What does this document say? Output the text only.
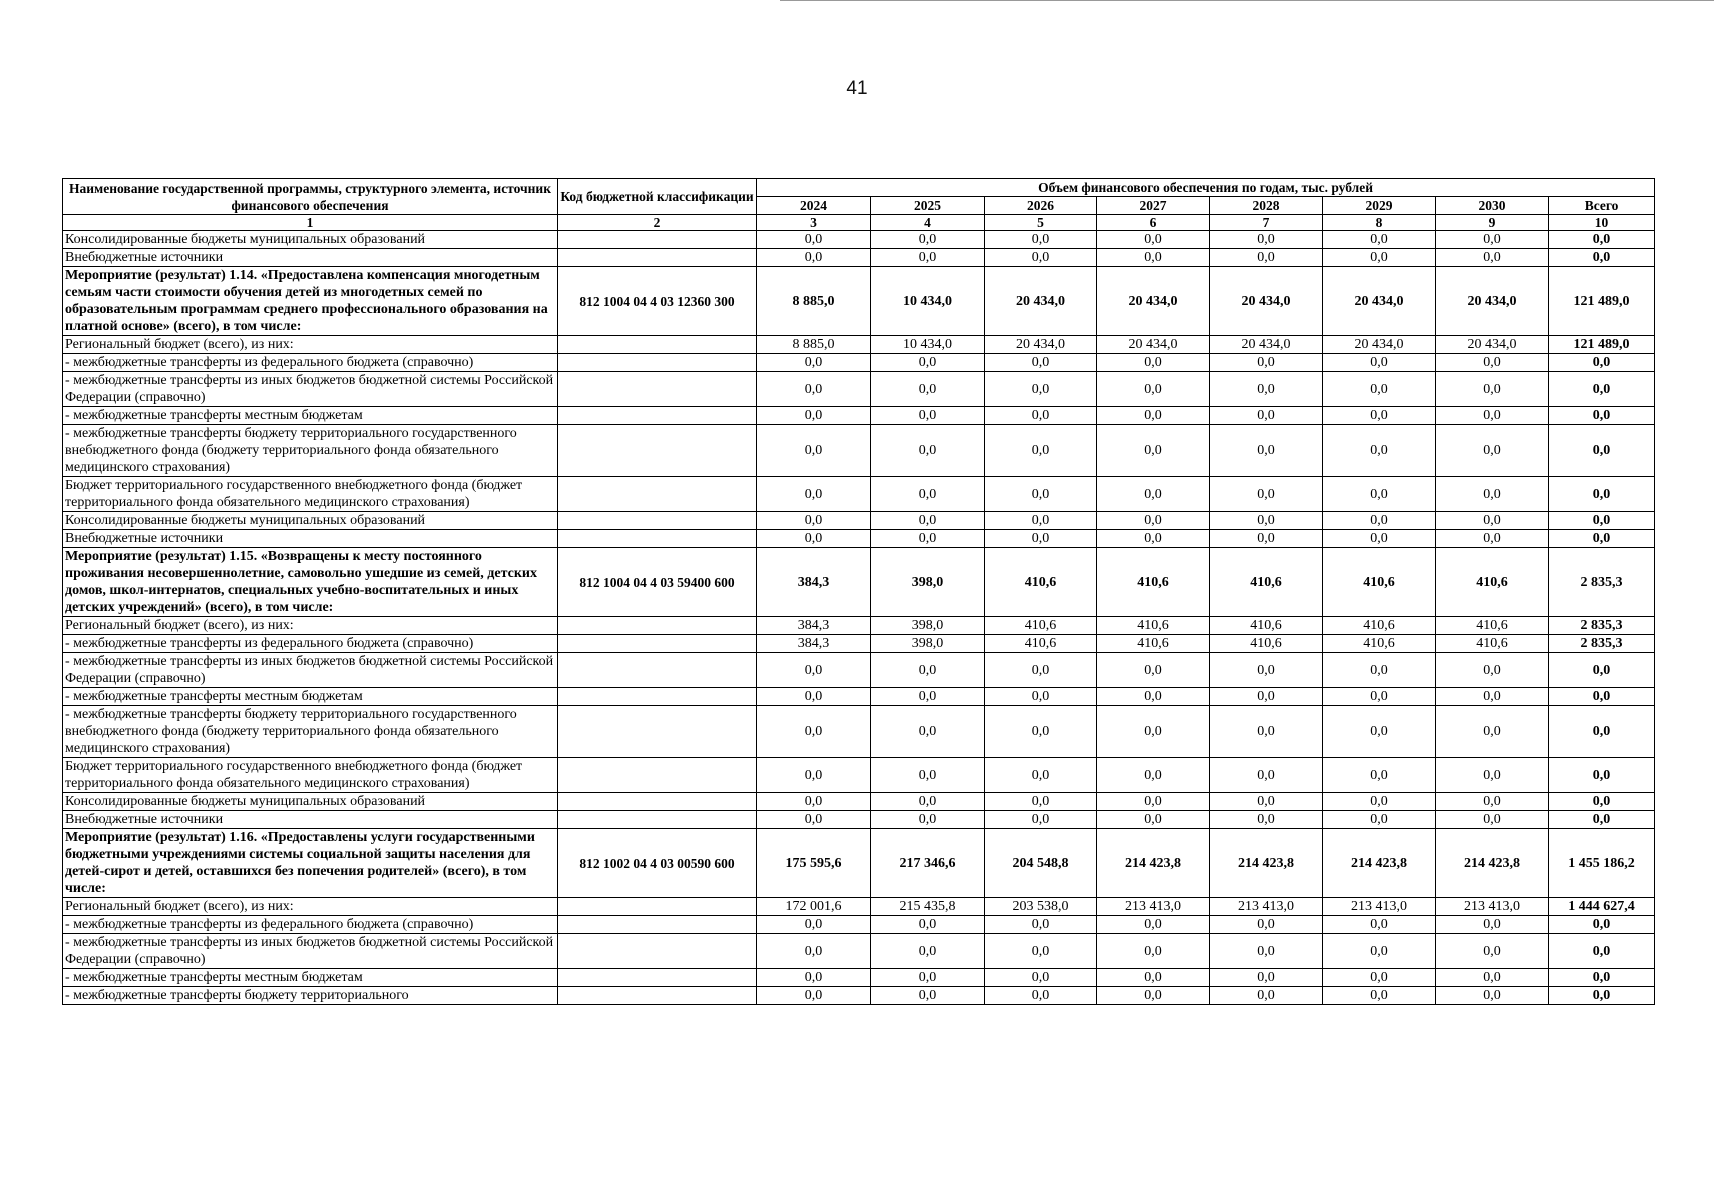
41
Наименование государственной программы, структурного элемента, источник финансового обеспечения	Код бюджетной классификации	Объем финансового обеспечения по годам, тыс. рублей							
		2024	2025	2026	2027	2028	2029	2030	Всего
1	2	3	4	5	6	7	8	9	10
Консолидированные бюджеты муниципальных образований		0,0	0,0	0,0	0,0	0,0	0,0	0,0	0,0
Внебюджетные источники		0,0	0,0	0,0	0,0	0,0	0,0	0,0	0,0
Мероприятие (результат) 1.14. «Предоставлена компенсация многодетным семьям части стоимости обучения детей из многодетных семей по образовательным программам среднего профессионального образования на платной основе» (всего), в том числе:	812 1004 04 4 03 12360 300	8 885,0	10 434,0	20 434,0	20 434,0	20 434,0	20 434,0	20 434,0	121 489,0
Региональный бюджет (всего), из них:		8 885,0	10 434,0	20 434,0	20 434,0	20 434,0	20 434,0	20 434,0	121 489,0
- межбюджетные трансферты из федерального бюджета (справочно)		0,0	0,0	0,0	0,0	0,0	0,0	0,0	0,0
- межбюджетные трансферты из иных бюджетов бюджетной системы Российской Федерации (справочно)		0,0	0,0	0,0	0,0	0,0	0,0	0,0	0,0
- межбюджетные трансферты местным бюджетам		0,0	0,0	0,0	0,0	0,0	0,0	0,0	0,0
- межбюджетные трансферты бюджету территориального государственного внебюджетного фонда (бюджету территориального фонда обязательного медицинского страхования)		0,0	0,0	0,0	0,0	0,0	0,0	0,0	0,0
Бюджет территориального государственного внебюджетного фонда (бюджет территориального фонда обязательного медицинского страхования)		0,0	0,0	0,0	0,0	0,0	0,0	0,0	0,0
Консолидированные бюджеты муниципальных образований		0,0	0,0	0,0	0,0	0,0	0,0	0,0	0,0
Внебюджетные источники		0,0	0,0	0,0	0,0	0,0	0,0	0,0	0,0
Мероприятие (результат) 1.15. «Возвращены к месту постоянного проживания несовершеннолетние, самовольно ушедшие из семей, детских домов, школ-интернатов, специальных учебно-воспитательных и иных детских учреждений» (всего), в том числе:	812 1004 04 4 03 59400 600	384,3	398,0	410,6	410,6	410,6	410,6	410,6	2 835,3
Региональный бюджет (всего), из них:		384,3	398,0	410,6	410,6	410,6	410,6	410,6	2 835,3
- межбюджетные трансферты из федерального бюджета (справочно)		384,3	398,0	410,6	410,6	410,6	410,6	410,6	2 835,3
- межбюджетные трансферты из иных бюджетов бюджетной системы Российской Федерации (справочно)		0,0	0,0	0,0	0,0	0,0	0,0	0,0	0,0
- межбюджетные трансферты местным бюджетам		0,0	0,0	0,0	0,0	0,0	0,0	0,0	0,0
- межбюджетные трансферты бюджету территориального государственного внебюджетного фонда (бюджету территориального фонда обязательного медицинского страхования)		0,0	0,0	0,0	0,0	0,0	0,0	0,0	0,0
Бюджет территориального государственного внебюджетного фонда (бюджет территориального фонда обязательного медицинского страхования)		0,0	0,0	0,0	0,0	0,0	0,0	0,0	0,0
Консолидированные бюджеты муниципальных образований		0,0	0,0	0,0	0,0	0,0	0,0	0,0	0,0
Внебюджетные источники		0,0	0,0	0,0	0,0	0,0	0,0	0,0	0,0
Мероприятие (результат) 1.16. «Предоставлены услуги государственными бюджетными учреждениями системы социальной защиты населения для детей-сирот и детей, оставшихся без попечения родителей» (всего), в том числе:	812 1002 04 4 03 00590 600	175 595,6	217 346,6	204 548,8	214 423,8	214 423,8	214 423,8	214 423,8	1 455 186,2
Региональный бюджет (всего), из них:		172 001,6	215 435,8	203 538,0	213 413,0	213 413,0	213 413,0	213 413,0	1 444 627,4
- межбюджетные трансферты из федерального бюджета (справочно)		0,0	0,0	0,0	0,0	0,0	0,0	0,0	0,0
- межбюджетные трансферты из иных бюджетов бюджетной системы Российской Федерации (справочно)		0,0	0,0	0,0	0,0	0,0	0,0	0,0	0,0
- межбюджетные трансферты местным бюджетам		0,0	0,0	0,0	0,0	0,0	0,0	0,0	0,0
- межбюджетные трансферты бюджету территориального		0,0	0,0	0,0	0,0	0,0	0,0	0,0	0,0
